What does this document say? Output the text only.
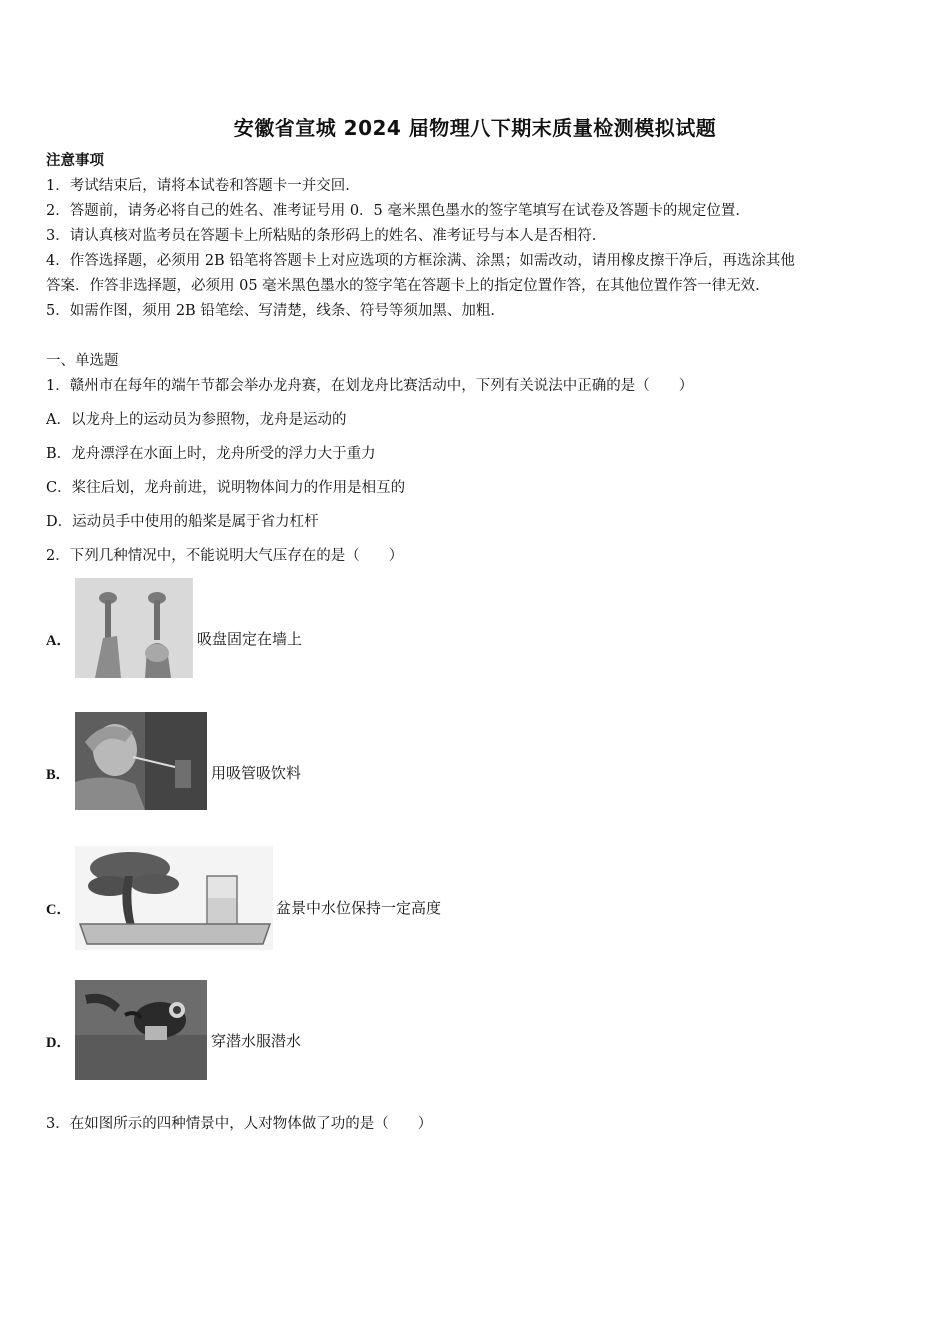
安徽省宣城 2024 届物理八下期末质量检测模拟试题
注意事项
1．考试结束后，请将本试卷和答题卡一并交回.
2．答题前，请务必将自己的姓名、准考证号用 0．5 毫米黑色墨水的签字笔填写在试卷及答题卡的规定位置.
3．请认真核对监考员在答题卡上所粘贴的条形码上的姓名、准考证号与本人是否相符.
4．作答选择题，必须用 2B 铅笔将答题卡上对应选项的方框涂满、涂黑；如需改动，请用橡皮擦干净后，再选涂其他
答案．作答非选择题，必须用 05 毫米黑色墨水的签字笔在答题卡上的指定位置作答，在其他位置作答一律无效.
5．如需作图，须用 2B 铅笔绘、写清楚，线条、符号等须加黑、加粗.
一、单选题
1．赣州市在每年的端午节都会举办龙舟赛，在划龙舟比赛活动中，下列有关说法中正确的是（　　）
A．以龙舟上的运动员为参照物，龙舟是运动的
B．龙舟漂浮在水面上时，龙舟所受的浮力大于重力
C．桨往后划，龙舟前进，说明物体间力的作用是相互的
D．运动员手中使用的船桨是属于省力杠杆
2．下列几种情况中，不能说明大气压存在的是（　　）
A．	吸盘固定在墙上
B．	用吸管吸饮料
C．	盆景中水位保持一定高度
D．	穿潜水服潜水
3．在如图所示的四种情景中，人对物体做了功的是（　　）
